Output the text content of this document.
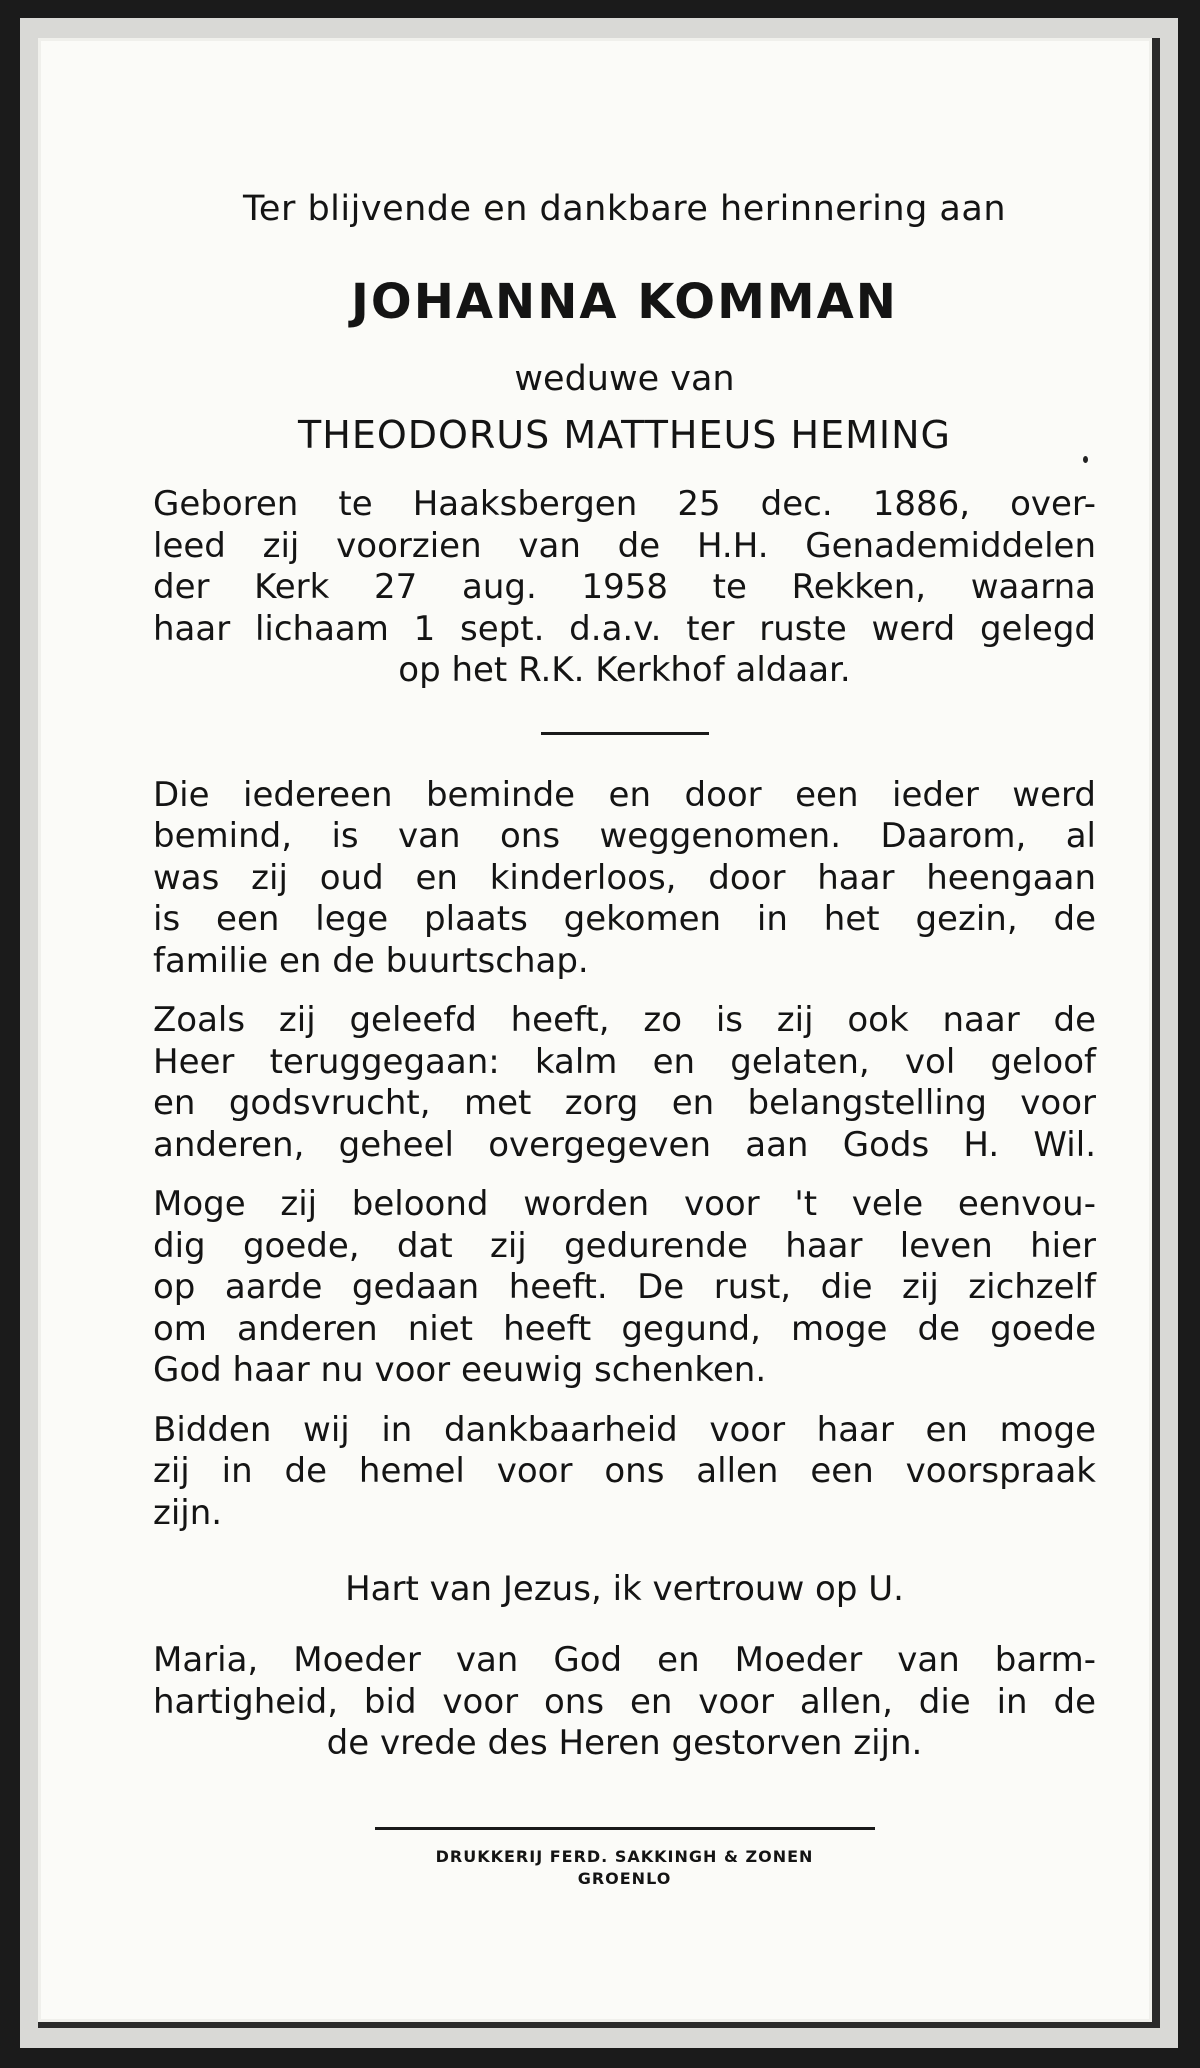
Ter blijvende en dankbare herinnering aan

JOHANNA KOMMAN

weduwe van

THEODORUS MATTHEUS HEMING

Geboren te Haaksbergen 25 dec. 1886, over-
leed zij voorzien van de H.H. Genademiddelen
der Kerk 27 aug. 1958 te Rekken, waarna
haar lichaam 1 sept. d.a.v. ter ruste werd gelegd
op het R.K. Kerkhof aldaar.
Die iedereen beminde en door een ieder werd
bemind, is van ons weggenomen. Daarom, al
was zij oud en kinderloos, door haar heengaan
is een lege plaats gekomen in het gezin, de
familie en de buurtschap.
Zoals zij geleefd heeft, zo is zij ook naar de
Heer teruggegaan: kalm en gelaten, vol geloof
en godsvrucht, met zorg en belangstelling voor
anderen, geheel overgegeven aan Gods H. Wil.
Moge zij beloond worden voor 't vele eenvou-
dig goede, dat zij gedurende haar leven hier
op aarde gedaan heeft. De rust, die zij zichzelf
om anderen niet heeft gegund, moge de goede
God haar nu voor eeuwig schenken.
Bidden wij in dankbaarheid voor haar en moge
zij in de hemel voor ons allen een voorspraak
zijn.

Hart van Jezus, ik vertrouw op U.

Maria, Moeder van God en Moeder van barm-
hartigheid, bid voor ons en voor allen, die in de
de vrede des Heren gestorven zijn.

DRUKKERIJ FERD. SAKKINGH & ZONEN

GROENLO
